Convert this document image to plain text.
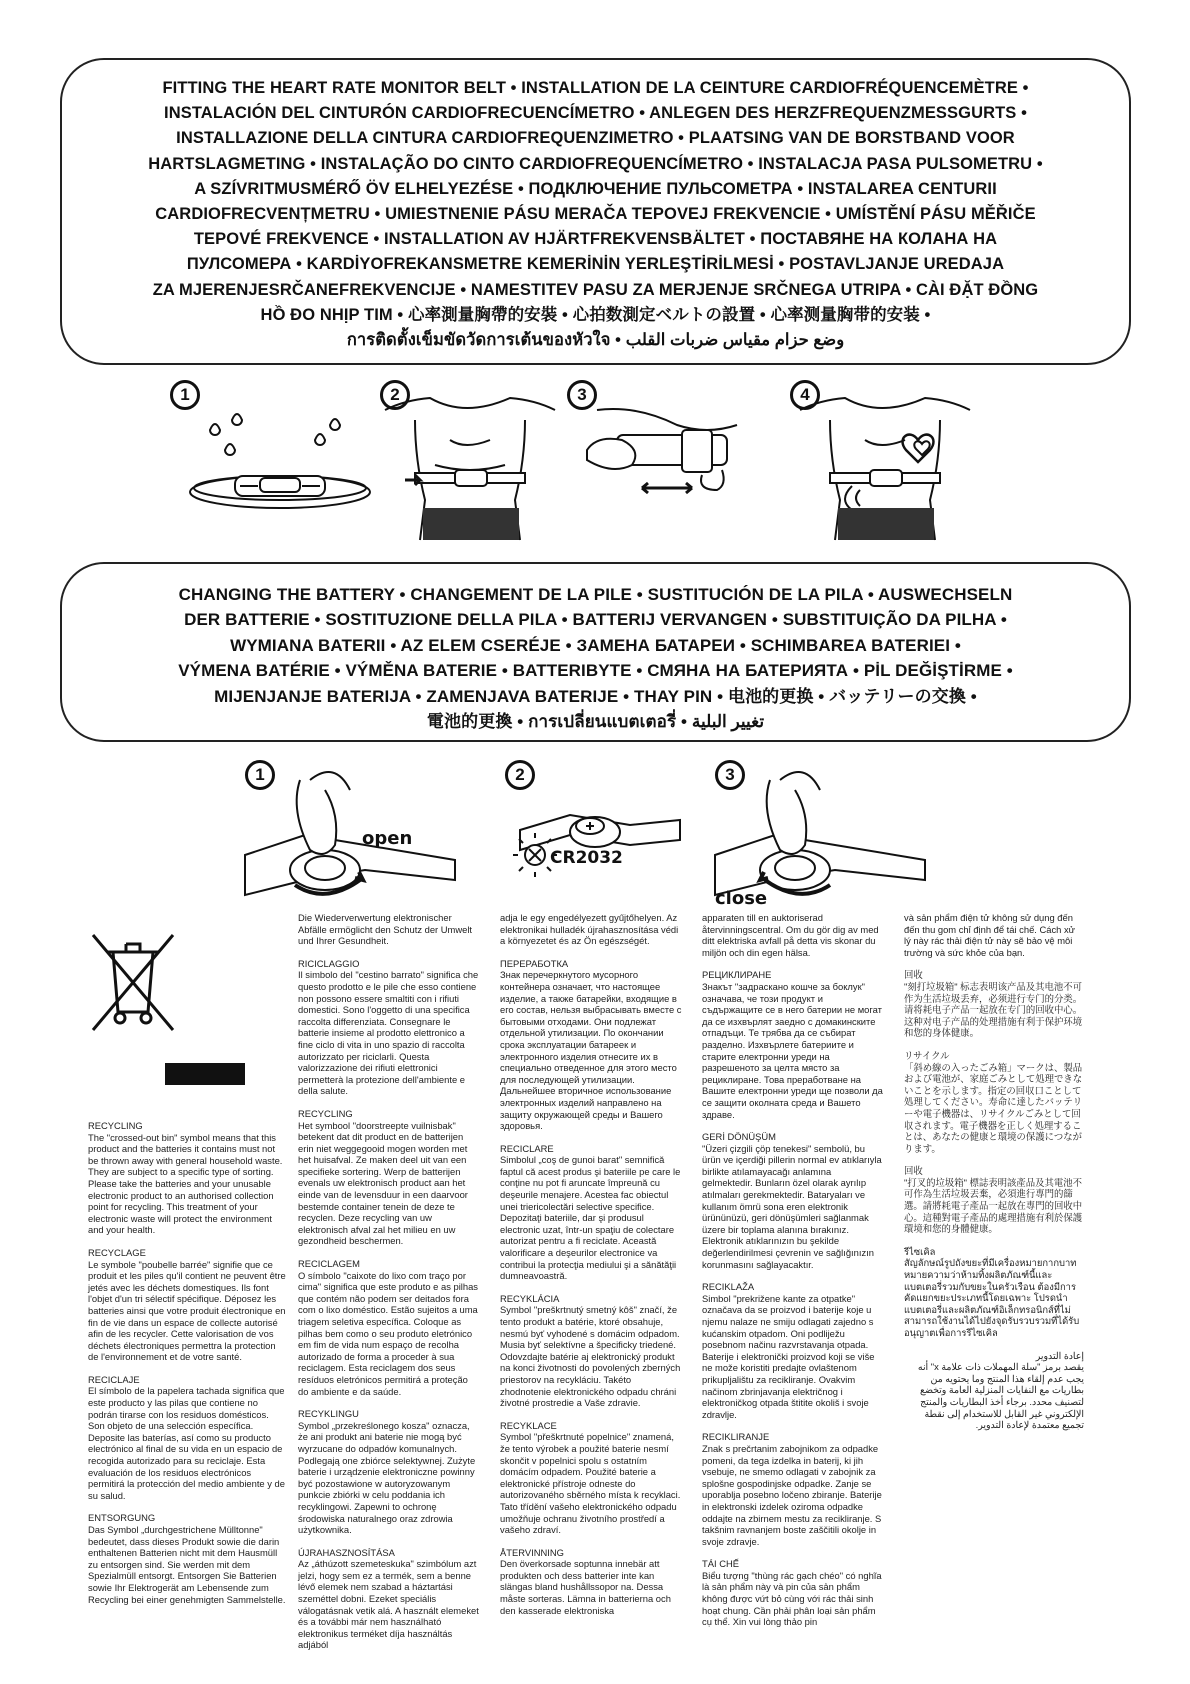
FITTING THE HEART RATE MONITOR BELT • INSTALLATION DE LA CEINTURE CARDIOFRÉQUENCEMÈTRE •
INSTALACIÓN DEL CINTURÓN CARDIOFRECUENCÍMETRO • ANLEGEN DES HERZFREQUENZMESSGURTS •
INSTALLAZIONE DELLA CINTURA CARDIOFREQUENZIMETRO • PLAATSING VAN DE BORSTBAND VOOR
HARTSLAGMETING • INSTALAÇÃO DO CINTO CARDIOFREQUENCÍMETRO • INSTALACJA PASA PULSOMETRU •
A SZÍVRITMUSMÉRŐ ÖV ELHELYEZÉSE • ПОДКЛЮЧЕНИЕ ПУЛЬСОМЕТРА • INSTALAREA CENTURII
CARDIOFRECVENȚMETRU • UMIESTNENIE PÁSU MERAČA TEPOVEJ FREKVENCIE • UMÍSTĚNÍ PÁSU MĚŘIČE
TEPOVÉ FREKVENCE • INSTALLATION AV HJÄRTFREKVENSBÄLTET • ПОСТАВЯНЕ НА КОЛАНА НА
ПУЛСОМЕРА • KARDİYOFREKANSMETRE KEMERİNİN YERLEŞTİRİLMESİ • POSTAVLJANJE UREDAJA
ZA MJERENJESRČANEFREKVENCIJE • NAMESTITEV PASU ZA MERJENJE SRČNEGA UTRIPA • CÀI ĐẶT ĐỒNG
HỒ ĐO NHỊP TIM • 心率測量胸帶的安裝 • 心拍数測定ベルトの設置 • 心率测量胸带的安装 •
การติดตั้งเข็มขัดวัดการเต้นของหัวใจ • وضع حزام مقياس ضربات القلب
1	2	3	4
CHANGING THE BATTERY • CHANGEMENT DE LA PILE • SUSTITUCIÓN DE LA PILA • AUSWECHSELN
DER BATTERIE • SOSTITUZIONE DELLA PILA • BATTERIJ VERVANGEN • SUBSTITUIÇÃO DA PILHA •
WYMIANA BATERII • AZ ELEM CSERÉJE • ЗАМЕНА БАТАРЕИ • SCHIMBAREA BATERIEI •
VÝMENA BATÉRIE • VÝMĚNA BATERIE • BATTERIBYTE • СМЯНА НА БАТЕРИЯТА • PİL DEĞİŞTİRME •
MIJENJANJE BATERIJA • ZAMENJAVA BATERIJE • THAY PIN • 电池的更换 • バッテリーの交換 •
電池的更換 • การเปลี่ยนแบตเตอรี่ • تغيير البلية
1
open
2
CR2032
3
close

RECYCLING

The "crossed-out bin" symbol means that this product and the batteries it contains must not be thrown away with general household waste. They are subject to a specific type of sorting. Please take the batteries and your unusable electronic product to an authorised collection point for recycling. This treatment of your electronic waste will protect the environment and your health.

RECYCLAGE

Le symbole "poubelle barrée" signifie que ce produit et les piles qu'il contient ne peuvent être jetés avec les déchets domestiques. Ils font l'objet d'un tri sélectif spécifique. Déposez les batteries ainsi que votre produit électronique en fin de vie dans un espace de collecte autorisé afin de les recycler. Cette valorisation de vos déchets électroniques permettra la protection de l'environnement et de votre santé.

RECICLAJE

El símbolo de la papelera tachada significa que este producto y las pilas que contiene no podrán tirarse con los residuos domésticos. Son objeto de una selección específica. Deposite las baterías, así como su producto electrónico al final de su vida en un espacio de recogida autorizado para su reciclaje. Esta evaluación de los residuos electrónicos permitirá la protección del medio ambiente y de su salud.

ENTSORGUNG

Das Symbol „durchgestrichene Mülltonne" bedeutet, dass dieses Produkt sowie die darin enthaltenen Batterien nicht mit dem Hausmüll zu entsorgen sind. Sie werden mit dem Spezialmüll entsorgt. Entsorgen Sie Batterien sowie Ihr Elektrogerät am Lebensende zum Recycling bei einer genehmigten Sammelstelle.

Die Wiederverwertung elektronischer Abfälle ermöglicht den Schutz der Umwelt und Ihrer Gesundheit.

RICICLAGGIO

Il simbolo del "cestino barrato" significa che questo prodotto e le pile che esso contiene non possono essere smaltiti con i rifiuti domestici. Sono l'oggetto di una specifica raccolta differenziata. Consegnare le batterie insieme al prodotto elettronico a fine ciclo di vita in uno spazio di raccolta autorizzato per riciclarli. Questa valorizzazione dei rifiuti elettronici permetterà la protezione dell'ambiente e della salute.

RECYCLING

Het symbool "doorstreepte vuilnisbak" betekent dat dit product en de batterijen erin niet weggegooid mogen worden met het huisafval. Ze maken deel uit van een specifieke sortering. Werp de batterijen evenals uw elektronisch product aan het einde van de levensduur in een daarvoor bestemde container tenein de deze te recyclen. Deze recycling van uw elektronisch afval zal het milieu en uw gezondheid beschermen.

RECICLAGEM

O símbolo "caixote do lixo com traço por cima" significa que este produto e as pilhas que contém não podem ser deitados fora com o lixo doméstico. Estão sujeitos a uma triagem seletiva específica. Coloque as pilhas bem como o seu produto eletrónico em fim de vida num espaço de recolha autorizado de forma a proceder à sua reciclagem. Esta reciclagem dos seus resíduos eletrónicos permitirá a proteção do ambiente e da saúde.

RECYKLINGU

Symbol „przekreślonego kosza" oznacza, że ani produkt ani baterie nie mogą być wyrzucane do odpadów komunalnych. Podlegają one zbiórce selektywnej. Zużyte baterie i urządzenie elektroniczne powinny być pozostawione w autoryzowanym punkcie zbiórki w celu poddania ich recyklingowi. Zapewni to ochronę środowiska naturalnego oraz zdrowia użytkownika.

ÚJRAHASZNOSÍTÁSA

Az „áthúzott szemeteskuka" szimbólum azt jelzi, hogy sem ez a termék, sem a benne lévő elemek nem szabad a háztartási szeméttel dobni. Ezeket speciális válogatásnak vetik alá. A használt elemeket és a további már nem használható elektronikus terméket díja használtás adjából

adja le egy engedélyezett gyűjtőhelyen. Az elektronikai hulladék újrahasznosítása védi a környezetet és az Ön egészségét.

ПЕРЕРАБОТКА

Знак перечеркнутого мусорного контейнера означает, что настоящее изделие, а также батарейки, входящие в его состав, нельзя выбрасывать вместе с бытовыми отходами. Они подлежат отдельной утилизации. По окончании срока эксплуатации батареек и электронного изделия отнесите их в специально отведенное для этого место для последующей утилизации. Дальнейшее вторичное использование электронных изделий направлено на защиту окружающей среды и Вашего здоровья.

RECICLARE

Simbolul „coş de gunoi barat" semnifică faptul că acest produs şi bateriile pe care le conţine nu pot fi aruncate împreună cu deşeurile menajere. Acestea fac obiectul unei triericolectări selective specifice. Depozitaţi bateriile, dar şi produsul electronic uzat, într-un spaţiu de colectare autorizat pentru a fi reciclate. Această valorificare a deşeurilor electronice va contribui la protecţia mediului şi a sănătăţii dumneavoastră.

RECYKLÁCIA

Symbol "preškrtnutý smetný kôš" značí, že tento produkt a batérie, ktoré obsahuje, nesmú byť vyhodené s domácim odpadom. Musia byť selektívne a špecificky triedené. Odovzdajte batérie aj elektronický produkt na konci životnosti do povolených zberných priestorov na recykláciu. Takéto zhodnotenie elektronického odpadu chráni životné prostredie a Vaše zdravie.

RECYKLACE

Symbol "přeškrtnuté popelnice" znamená, že tento výrobek a použité baterie nesmí skončit v popelnici spolu s ostatním domácím odpadem. Použité baterie a elektronické přístroje odneste do autorizovaného sběrného místa k recyklaci. Tato třídění vašeho elektronického odpadu umožňuje ochranu životního prostředí a vašeho zdraví.

ÅTERVINNING

Den överkorsade soptunna innebär att produkten och dess batterier inte kan slängas bland hushållssopor na. Dessa måste sorteras. Lämna in batterierna och den kasserade elektroniska

apparaten till en auktoriserad återvinningscentral. Om du gör dig av med ditt elektriska avfall på detta vis skonar du miljön och din egen hälsa.

РЕЦИКЛИРАНЕ

Знакът "задраскано кошче за боклук" означава, че този продукт и съдържащите се в него батерии не могат да се изхвърлят заедно с домакинските отпадъци. Те трябва да се събират разделно. Изхвърлете батериите и старите електронни уреди на разрешеното за целта място за рециклиране. Това преработване на Вашите електронни уреди ще позволи да се защити околната среда и Вашето здраве.

GERİ DÖNÜŞÜM

"Üzeri çizgili çöp tenekesi" sembolü, bu ürün ve içerdiği pillerin normal ev atıklarıyla birlikte atılamayacağı anlamına gelmektedir. Bunların özel olarak ayrılıp atılmaları gerekmektedir. Bataryaları ve kullanım ömrü sona eren elektronik ürününüzü, geri dönüşümleri sağlanmak üzere bir toplama alanına bırakınız. Elektronik atıklarınızın bu şekilde değerlendirilmesi çevrenin ve sağlığınızın korunmasını sağlayacaktır.

RECIKLAŽA

Simbol "prekrižene kante za otpatke" označava da se proizvod i baterije koje u njemu nalaze ne smiju odlagati zajedno s kućanskim otpadom. Oni podliježu posebnom načinu razvrstavanja otpada. Baterije i elektronički proizvod koji se više ne može koristiti predajte ovlaštenom prikupljalištu za recikliranje. Ovakvim načinom zbrinjavanja električnog i elektroničkog otpada štitite okoliš i svoje zdravlje.

RECIKLIRANJE

Znak s prečrtanim zabojnikom za odpadke pomeni, da tega izdelka in baterij, ki jih vsebuje, ne smemo odlagati v zabojnik za splošne gospodinjske odpadke. Zanje se uporablja posebno ločeno zbiranje. Baterije in elektronski izdelek oziroma odpadke oddajte na zbirnem mestu za recikliranje. S takšnim ravnanjem boste zaščitili okolje in svoje zdravje.

TÁI CHẾ

Biểu tượng "thùng rác gạch chéo" có nghĩa là sản phẩm này và pin của sản phẩm không được vứt bỏ cùng với rác thải sinh hoạt chung. Cần phải phân loại sản phẩm cụ thể. Xin vui lòng thảo pin

và sản phẩm điện tử không sử dụng đến đến thu gom chỉ định để tái chế. Cách xử lý này rác thải điện tử này sẽ bảo vệ môi trường và sức khỏe của bạn.

回收

"刻打垃圾箱" 标志表明该产品及其电池不可作为生活垃圾丢弃，必须进行专门的分类。请将耗电子产品一起放在专门的回收中心。这种对电子产品的处理措施有利于保护环境和您的身体健康。

リサイクル

「斜め線の入ったごみ箱」マークは、製品および電池が、家庭ごみとして処理できないことを示します。指定の回収口ことして処理してください。寿命に達したバッテリーや電子機器は、リサイクルごみとして回収されます。電子機器を正しく処理することは、あなたの健康と環境の保護につながります。

回收

"打叉的垃圾箱" 標誌表明該產品及其電池不可作為生活垃圾丟棄，必須進行專門的篩選。請將耗電子產品一起放在專門的回收中心。這種對電子產品的處理措施有利於保護環境和您的身體健康。

รีไซเคิล

สัญลักษณ์รูปถังขยะที่มีเครื่องหมายกากบาท หมายความว่าห้ามทิ้งผลิตภัณฑ์นี้และแบตเตอรี่รวมกับขยะในครัวเรือน ต้องมีการคัดแยกขยะประเภทนี้โดยเฉพาะ โปรดนำแบตเตอรี่และผลิตภัณฑ์อิเล็กทรอนิกส์ที่ไม่สามารถใช้งานได้ไปยังจุดรับรวบรวมที่ได้รับอนุญาตเพื่อการรีไซเคิล

إعادة التدوير

يقصد برمز "سلة المهملات ذات علامة x" أنه يجب عدم إلقاء هذا المنتج وما يحتويه من بطاريات مع النفايات المنزلية العامة وتخضع لتصنيف محدد. برجاء أخذ البطاريات والمنتج الإلكتروني غير القابل للاستخدام إلى نقطة تجميع معتمدة لإعادة التدوير.
